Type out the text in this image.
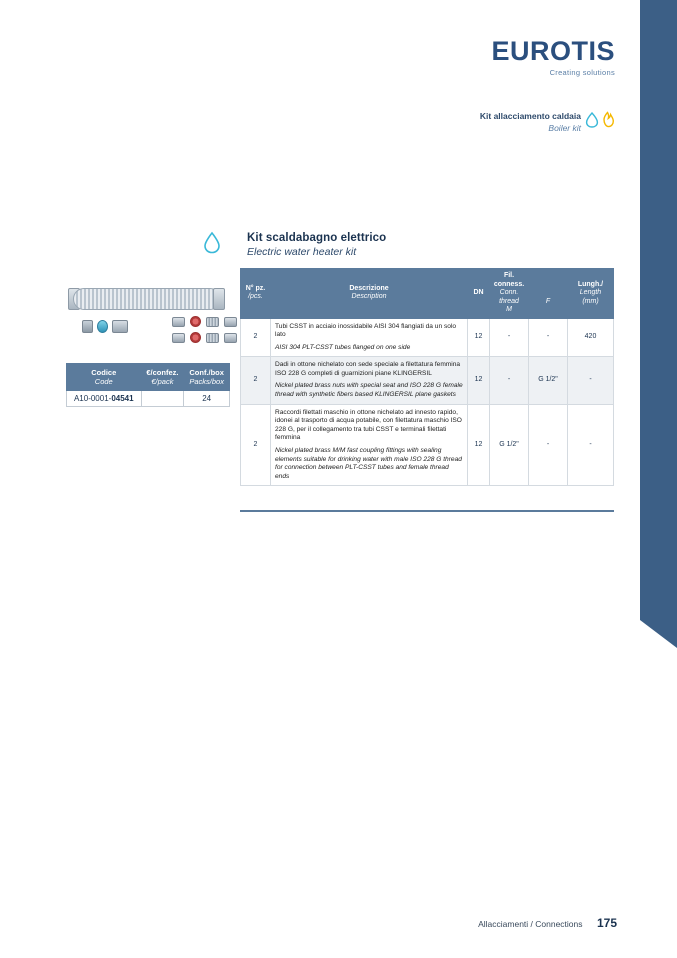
Allacciamenti / Connections
EUROTIS
Creating solutions
Kit allacciamento caldaia
Boiler kit
Kit scaldabagno elettrico
Electric water heater kit
Codice
Code	€/confez.
€/pack	Conf./box
Packs/box

A10-0001-04541		24
N° pz.
/pcs.	Descrizione
Description	DN	Fil. conness.
Conn. thread
M	F	Lungh./
Length
(mm)

2	Tubi CSST in acciaio inossidabile AISI 304 flangiati da un solo lato
AISI 304 PLT-CSST tubes flanged on one side	12	-	-	420
2	Dadi in ottone nichelato con sede speciale a filettatura femmina ISO 228 G completi di guarnizioni piane KLINGERSIL
Nickel plated brass nuts with special seat and ISO 228 G female thread with synthetic fibers based KLINGERSIL plane gaskets	12	-	G 1/2"	-
2	Raccordi filettati maschio in ottone nichelato ad innesto rapido, idonei al trasporto di acqua potabile, con filettatura maschio ISO 228 G, per il collegamento tra tubi CSST e terminali filettati femmina
Nickel plated brass M/M fast coupling fittings with sealing elements suitable for drinking water with male ISO 228 G thread for connection between PLT-CSST tubes and female thread ends	12	G 1/2"	-	-
Allacciamenti / Connections 175
